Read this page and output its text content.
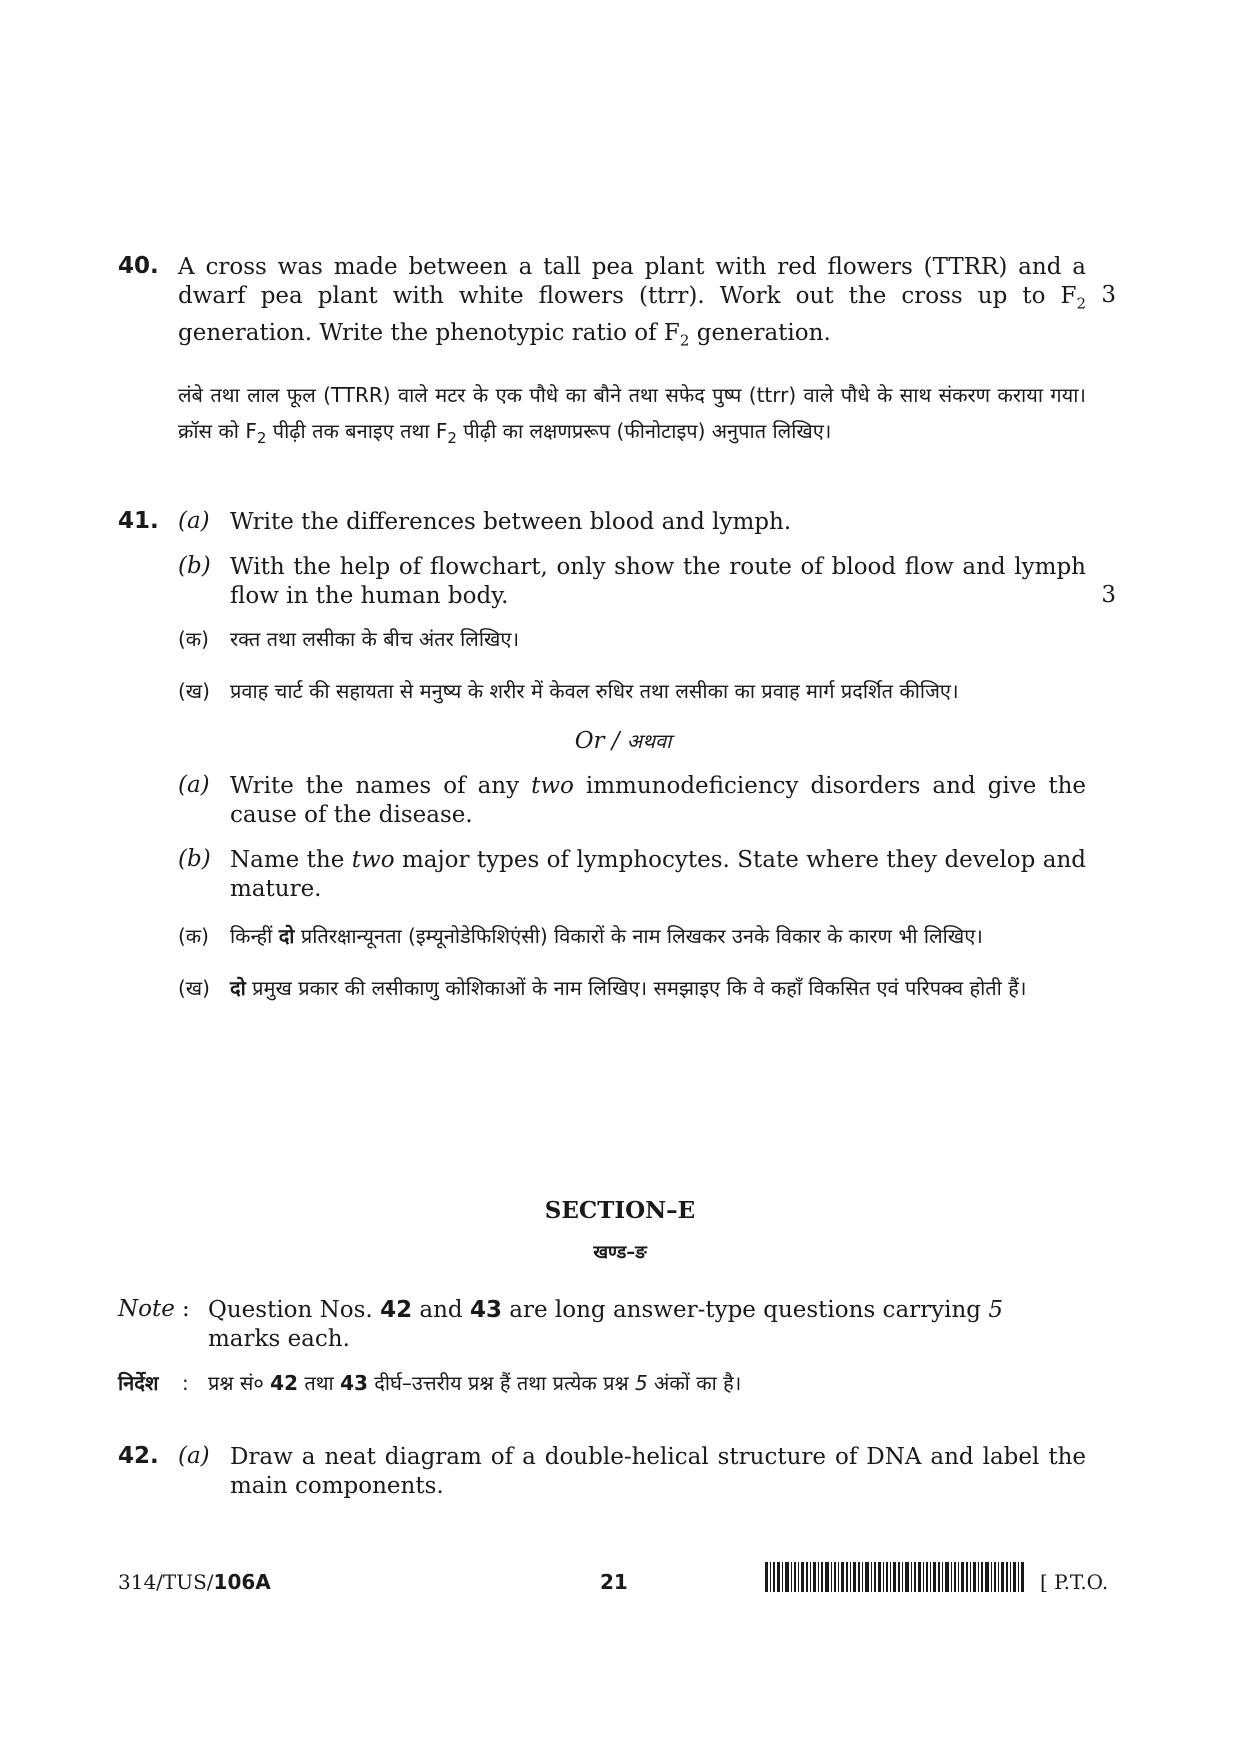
40. A cross was made between a tall pea plant with red flowers (TTRR) and a dwarf pea plant with white flowers (ttrr). Work out the cross up to $F_2$ generation. Write the phenotypic ratio of $F_2$ generation.
3
लंबे तथा लाल फूल (TTRR) वाले मटर के एक पौधे का बौने तथा सफेद पुष्प (ttrr) वाले पौधे के साथ संकरण कराया गया। क्रॉस को $F_2$ पीढ़ी तक बनाइए तथा $F_2$ पीढ़ी का लक्षणप्ररूप (फीनोटाइप) अनुपात लिखिए।
41. (a) Write the differences between blood and lymph.
(b) With the help of flowchart, only show the route of blood flow and lymph flow in the human body.	3
(क) रक्त तथा लसीका के बीच अंतर लिखिए।
(ख) प्रवाह चार्ट की सहायता से मनुष्य के शरीर में केवल रुधिर तथा लसीका का प्रवाह मार्ग प्रदर्शित कीजिए।
Or / अथवा
(a) Write the names of any two immunodeficiency disorders and give the cause of the disease.
(b) Name the two major types of lymphocytes. State where they develop and mature.
(क) किन्हीं दो प्रतिरक्षान्यूनता (इम्यूनोडेफिशिएंसी) विकारों के नाम लिखकर उनके विकार के कारण भी लिखिए।
(ख) दो प्रमुख प्रकार की लसीकाणु कोशिकाओं के नाम लिखिए। समझाइए कि वे कहाँ विकसित एवं परिपक्व होती हैं।
SECTION–E
खण्ड–ङ
Note : Question Nos. 42 and 43 are long answer-type questions carrying 5 marks each.
निर्देश : प्रश्न सं० 42 तथा 43 दीर्घ–उत्तरीय प्रश्न हैं तथा प्रत्येक प्रश्न 5 अंकों का है।
42. (a) Draw a neat diagram of a double-helical structure of DNA and label the main components.
314/TUS/106A	21	[ P.T.O.
